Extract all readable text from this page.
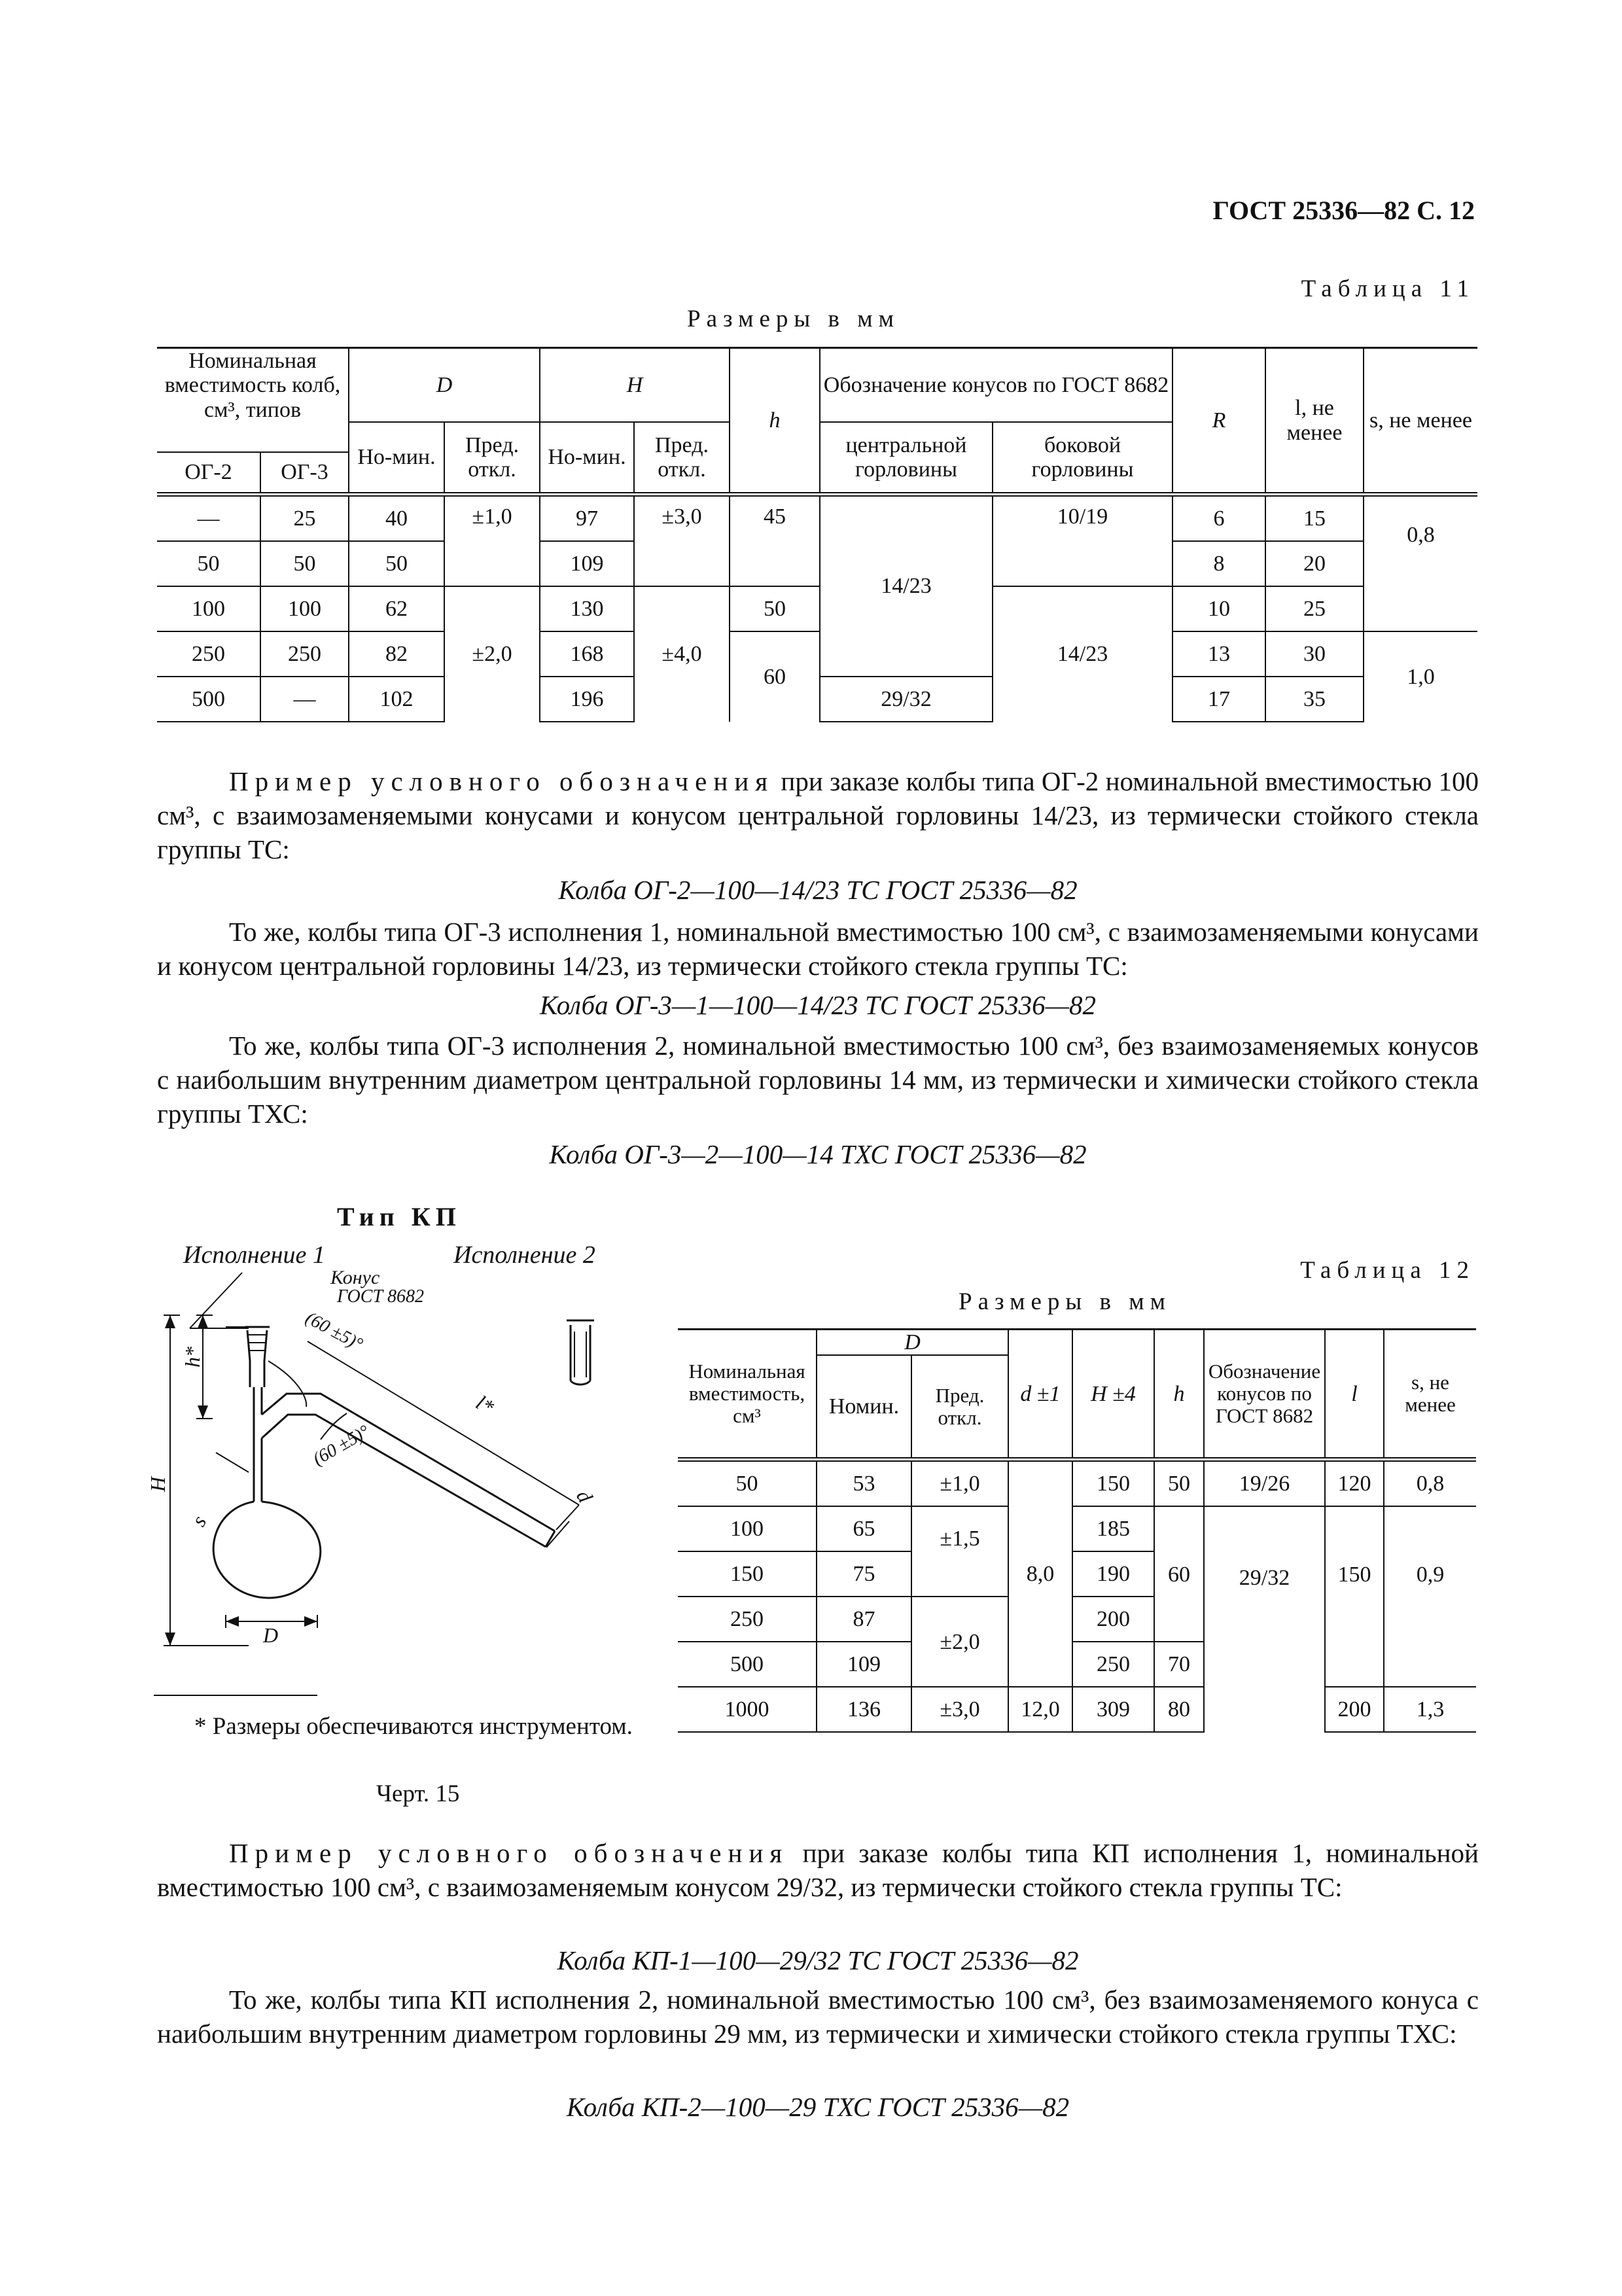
ГОСТ 25336—82 С. 12
Таблица 11
Размеры в мм
Номинальная вместимость колб, см³, типов		D		H		h	Обозначение конусов по ГОСТ 8682		R	l, не менее	s, не менее
		Но-мин.	Пред. откл.	Но-мин.	Пред. откл.		центральной горловины	боковой горловины			
ОГ-2	ОГ-3										
—	25	40	±1,0	97	±3,0	45	14/23	10/19	6	15	0,8
50	50	50		109					8	20	
100	100	62	±2,0	130	±4,0	50		14/23	10	25	
250	250	82		168		60			13	30	1,0
500	—	102		196			29/32		17	35	
Пример условного обозначения при заказе колбы типа ОГ-2 номинальной вместимостью 100 см³, с взаимозаменяемыми конусами и конусом центральной горловины 14/23, из термически стойкого стекла группы ТС:
Колба ОГ-2—100—14/23 ТС ГОСТ 25336—82
То же, колбы типа ОГ-3 исполнения 1, номинальной вместимостью 100 см³, с взаимозаменяемыми конусами и конусом центральной горловины 14/23, из термически стойкого стекла группы ТС:
Колба ОГ-3—1—100—14/23 ТС ГОСТ 25336—82
То же, колбы типа ОГ-3 исполнения 2, номинальной вместимостью 100 см³, без взаимозаменяемых конусов с наибольшим внутренним диаметром центральной горловины 14 мм, из термически и химически стойкого стекла группы ТХС:
Колба ОГ-3—2—100—14 ТХС ГОСТ 25336—82
Тип КП
Исполнение 1	Исполнение 2
Конус
ГОСТ 8682
(60 ±5)°
(60 ±5)°
l*
h*
H
s
D
d
* Размеры обеспечиваются инструментом.
Черт. 15
Таблица 12
Размеры в мм
Номинальная вместимость, см³	D		d ±1	H ±4	h	Обозначение конусов по ГОСТ 8682	l	s, не менее
	Номин.	Пред. откл.						
50	53	±1,0	8,0	150	50	19/26	120	0,8
100	65	±1,5		185	60	29/32	150	0,9
150	75			190				
250	87	±2,0		200				
500	109			250	70			
1000	136	±3,0	12,0	309	80		200	1,3
Пример условного обозначения при заказе колбы типа КП исполнения 1, номинальной вместимостью 100 см³, с взаимозаменяемым конусом 29/32, из термически стойкого стекла группы ТС:
Колба КП-1—100—29/32 ТС ГОСТ 25336—82
То же, колбы типа КП исполнения 2, номинальной вместимостью 100 см³, без взаимозаменяемого конуса с наибольшим внутренним диаметром горловины 29 мм, из термически и химически стойкого стекла группы ТХС:
Колба КП-2—100—29 ТХС ГОСТ 25336—82
